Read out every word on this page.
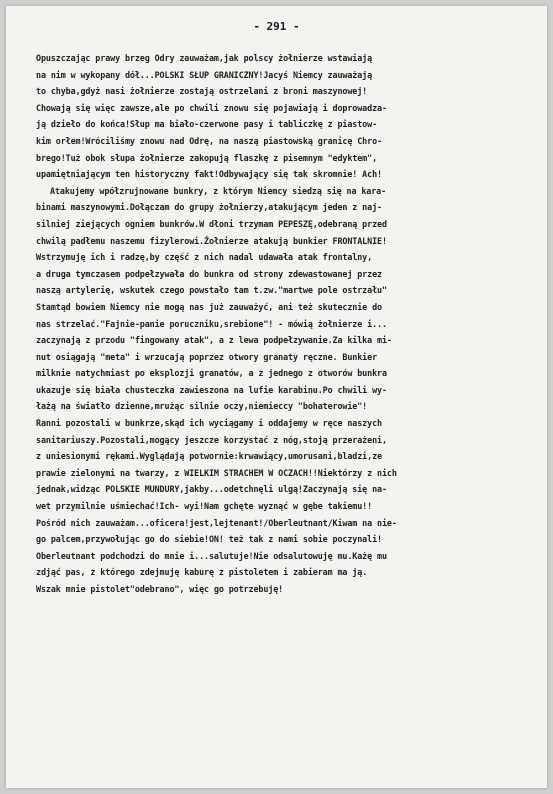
- 291 -
Opuszczając prawy brzeg Odry zauważam,jak polscy żołnierze wstawiają
na nim w wykopany dół...POLSKI SŁUP GRANICZNY!Jacyś Niemcy zauważają
to chyba,gdyż nasi żołnierze zostają ostrzelani z broni maszynowej!
Chowają się więc zawsze,ale po chwili znowu się pojawiają i doprowadza-
ją dzieło do końca!Słup ma biało-czerwone pasy i tabliczkę z piastow-
kim orłem!Wróciliśmy znowu nad Odrę, na naszą piastowską granicę Chro-
brego!Tuż obok słupa żołnierze zakopują flaszkę z pisemnym "edyktem",
upamiętniającym ten historyczny fakt!Odbywający się tak skromnie! Ach!
Atakujemy wpółzrujnowane bunkry, z którym Niemcy siedzą się na kara-
binami maszynowymi.Dołączam do grupy żołnierzy,atakującym jeden z naj-
silniej ziejących ogniem bunkrów.W dłoni trzymam PEPESZĘ,odebraną przed
chwilą padłemu naszemu fizylerowi.Żołnierze atakują bunkier FRONTALNIE!
Wstrzymuję ich i radzę,by część z nich nadal udawała atak frontalny,
a druga tymczasem podpełzywała do bunkra od strony zdewastowanej przez
naszą artylerię, wskutek czego powstało tam t.zw."martwe pole ostrzału"
Stamtąd bowiem Niemcy nie mogą nas już zauważyć, ani też skutecznie do
nas strzelać."Fajnie-panie poruczniku,srebione"! - mówią żołnierze i...
zaczynają z przodu "fingowany atak", a z lewa podpełzywanie.Za kilka mi-
nut osiągają "meta" i wrzucają poprzez otwory granaty ręczne. Bunkier
milknie natychmiast po eksplozji granatów, a z jednego z otworów bunkra
ukazuje się biała chusteczka zawieszona na lufie karabinu.Po chwili wy-
łażą na światło dzienne,mrużąc silnie oczy,niemieccy "bohaterowie"!
Ranni pozostali w bunkrze,skąd ich wyciągamy i oddajemy w ręce naszych
sanitariuszy.Pozostali,mogący jeszcze korzystać z nóg,stoją przerażeni,
z uniesionymi rękami.Wyglądają potwornie:krwawiący,umorusani,bladzi,ze
prawie zielonymi na twarzy, z WIELKIM STRACHEM W OCZACH!!Niektórzy z nich
jednak,widząc POLSKIE MUNDURY,jakby...odetchnęli ulgą!Zaczynają się na-
wet przymilnie uśmiechać!Ich- wyi!Nam gchęte wyznąć w gębe takiemu!!
Pośród nich zauważam...oficera!jest,lejtenant!/Oberleutnant/Kiwam na nie-
go palcem,przywołując go do siebie!ON! też tak z nami sobie poczynali!
Oberleutnant podchodzi do mnie i...salutuje!Nie odsalutowuję mu.Każę mu
zdjąć pas, z którego zdejmuję kaburę z pistoletem i zabieram ma ją.
Wszak mnie pistolet"odebrano", więc go potrzebuję!
